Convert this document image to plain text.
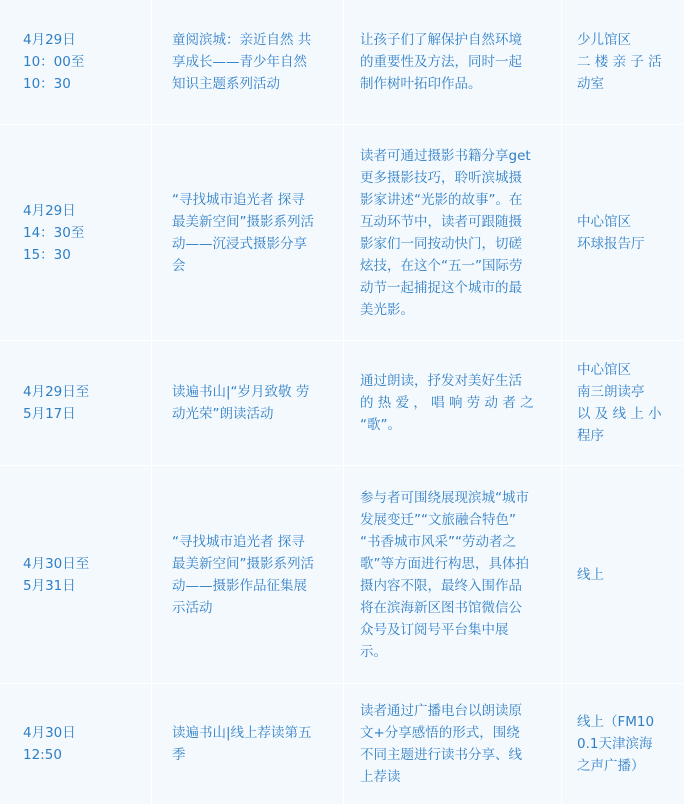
4月29日
10：00至
10：30
童阅滨城：亲近自然 共
享成长——青少年自然
知识主题系列活动
让孩子们了解保护自然环境
的重要性及方法，同时一起
制作树叶拓印作品。
少儿馆区
二 楼 亲 子 活
动室
4月29日
14：30至
15：30
“寻找城市追光者 探寻
最美新空间”摄影系列活
动——沉浸式摄影分享
会
读者可通过摄影书籍分享get
更多摄影技巧，聆听滨城摄
影家讲述“光影的故事”。在
互动环节中，读者可跟随摄
影家们一同按动快门，切磋
炫技，在这个“五一”国际劳
动节一起捕捉这个城市的最
美光影。
中心馆区
环球报告厅
4月29日至
5月17日
读遍书山|“岁月致敬 劳
动光荣”朗读活动
通过朗读，抒发对美好生活
的 热 爱 ， 唱 响 劳 动 者 之
“歌”。
中心馆区
南三朗读亭
以 及 线 上 小
程序
4月30日至
5月31日
“寻找城市追光者 探寻
最美新空间”摄影系列活
动——摄影作品征集展
示活动
参与者可围绕展现滨城“城市
发展变迁”“文旅融合特色”
“书香城市风采”“劳动者之
歌”等方面进行构思，具体拍
摄内容不限，最终入围作品
将在滨海新区图书馆微信公
众号及订阅号平台集中展
示。
线上
4月30日
12:50
读遍书山|线上荐读第五
季
读者通过广播电台以朗读原
文+分享感悟的形式，围绕
不同主题进行读书分享、线
上荐读
线上（FM10
0.1天津滨海
之声广播）
